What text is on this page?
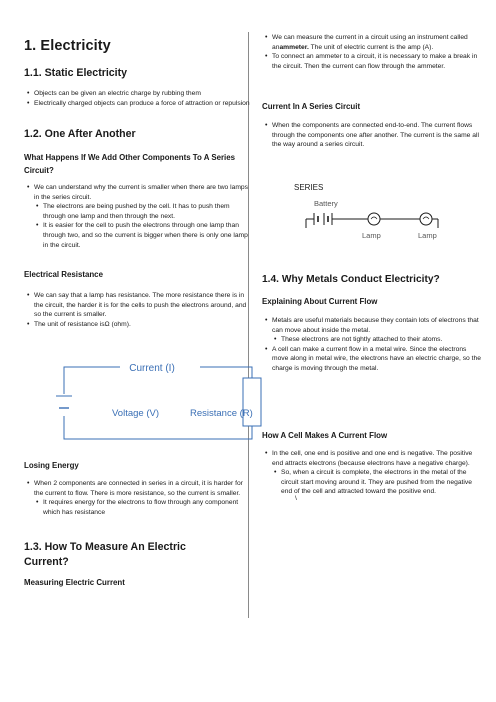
1. Electricity
1.1. Static Electricity
• Objects can be given an electric charge by rubbing them
• Electrically charged objects can produce a force of attraction or repulsion
1.2. One After Another
What Happens If We Add Other Components To A Series Circuit?
• We can understand why the current is smaller when there are two lamps in the series circuit.
• The electrons are being pushed by the cell. It has to push them through one lamp and then through the next.
• It is easier for the cell to push the electrons through one lamp than through two, and so the current is bigger when there is only one lamp in the circuit.
Electrical Resistance
• We can say that a lamp has resistance. The more resistance there is in the circuit, the harder it is for the cells to push the electrons around, and so the current is smaller.
• The unit of resistance isΩ (ohm).
Current (I)
Voltage (V)	Resistance (R)
Losing Energy
• When 2 components are connected in series in a circuit, it is harder for the current to flow. There is more resistance, so the current is smaller.
• It requires energy for the electrons to flow through any component which has resistance
1.3. How To Measure An Electric Current?
Measuring Electric Current
• We can measure the current in a circuit using an instrument called anammeter. The unit of electric current is the amp (A).
• To connect an ammeter to a circuit, it is necessary to make a break in the circuit. Then the current can flow through the ammeter.
Current In A Series Circuit
• When the components are connected end-to-end. The current flows through the components one after another. The current is the same all the way around a series circuit.
SERIES
Battery
Lamp	Lamp
1.4. Why Metals Conduct Electricity?
Explaining About Current Flow
• Metals are useful materials because they contain lots of electrons that can move about inside the metal.
• These electrons are not tightly attached to their atoms.
• A cell can make a current flow in a metal wire. Since the electrons move along in metal wire, the electrons have an electric charge, so the charge is moving through the metal.
How A Cell Makes A Current Flow
• In the cell, one end is positive and one end is negative. The positive end attracts electrons (because electrons have a negative charge).
• So, when a circuit is complete, the electrons in the metal of the circuit start moving around it. They are pushed from the negative end of the cell and attracted toward the positive end.
\
